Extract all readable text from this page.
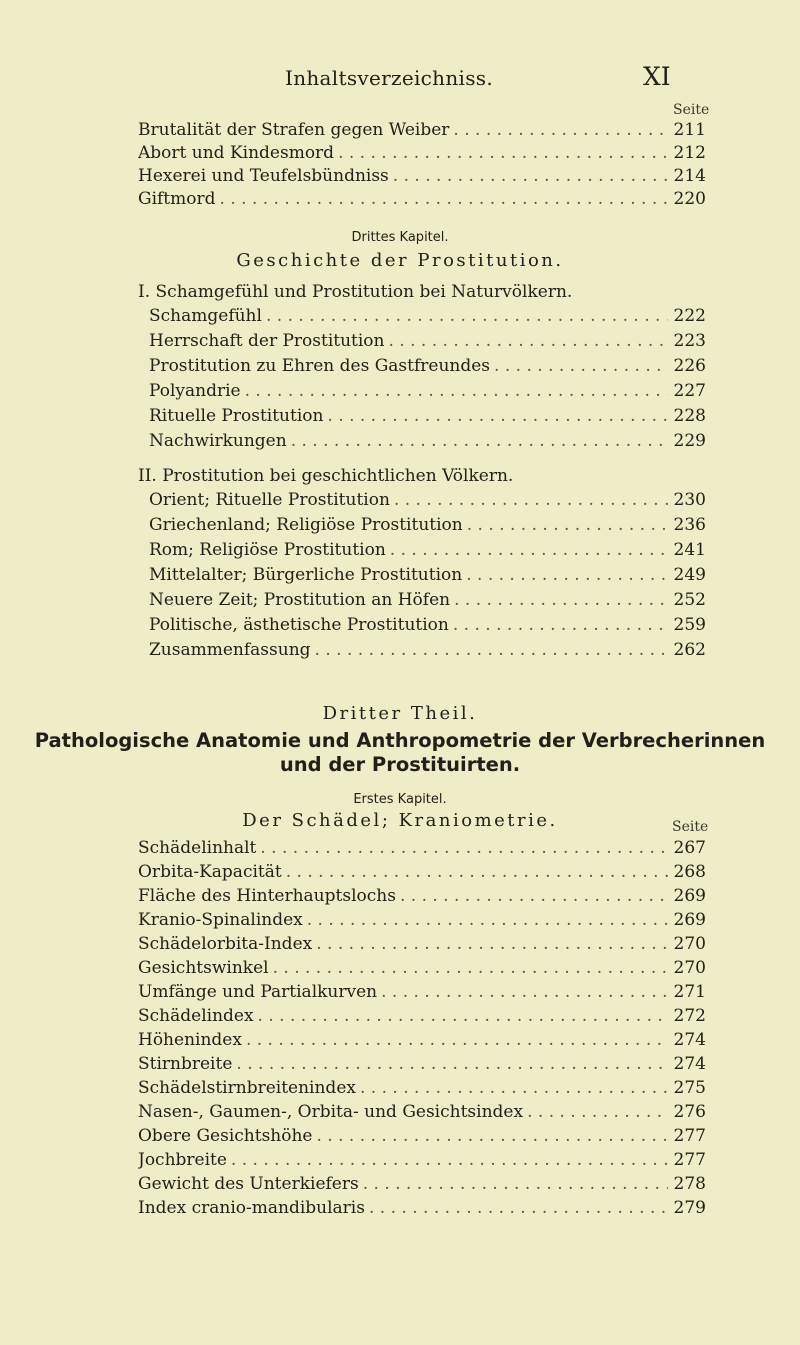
Inhaltsverzeichniss.	XI
Seite
Brutalität der Strafen gegen Weiber . . .	211
Abort und Kindesmord . . .	212
Hexerei und Teufelsbündniss . . .	214
Giftmord . . .	220
Drittes Kapitel.
Geschichte der Prostitution.
I. Schamgefühl und Prostitution bei Naturvölkern.
Schamgefühl . . .	222
Herrschaft der Prostitution . . .	223
Prostitution zu Ehren des Gastfreundes . . .	226
Polyandrie . . .	227
Rituelle Prostitution . . .	228
Nachwirkungen . . .	229
II. Prostitution bei geschichtlichen Völkern.
Orient; Rituelle Prostitution . . .	230
Griechenland; Religiöse Prostitution . . .	236
Rom; Religiöse Prostitution . . .	241
Mittelalter; Bürgerliche Prostitution . . .	249
Neuere Zeit; Prostitution an Höfen . . .	252
Politische, ästhetische Prostitution . . .	259
Zusammenfassung . . .	262
Dritter Theil.
Pathologische Anatomie und Anthropometrie der Verbrecherinnen
und der Prostituirten.
Erstes Kapitel.
Der Schädel; Kraniometrie.	Seite
Schädelinhalt . . .	267
Orbita-Kapacität . . .	268
Fläche des Hinterhauptslochs . . .	269
Kranio-Spinalindex . . .	269
Schädelorbita-Index . . .	270
Gesichtswinkel . . .	270
Umfänge und Partialkurven . . .	271
Schädelindex . . .	272
Höhenindex . . .	274
Stirnbreite . . .	274
Schädelstirnbreitenindex . . .	275
Nasen-, Gaumen-, Orbita- und Gesichtsindex . . .	276
Obere Gesichtshöhe . . .	277
Jochbreite . . .	277
Gewicht des Unterkiefers . . .	278
Index cranio-mandibularis . . .	279
